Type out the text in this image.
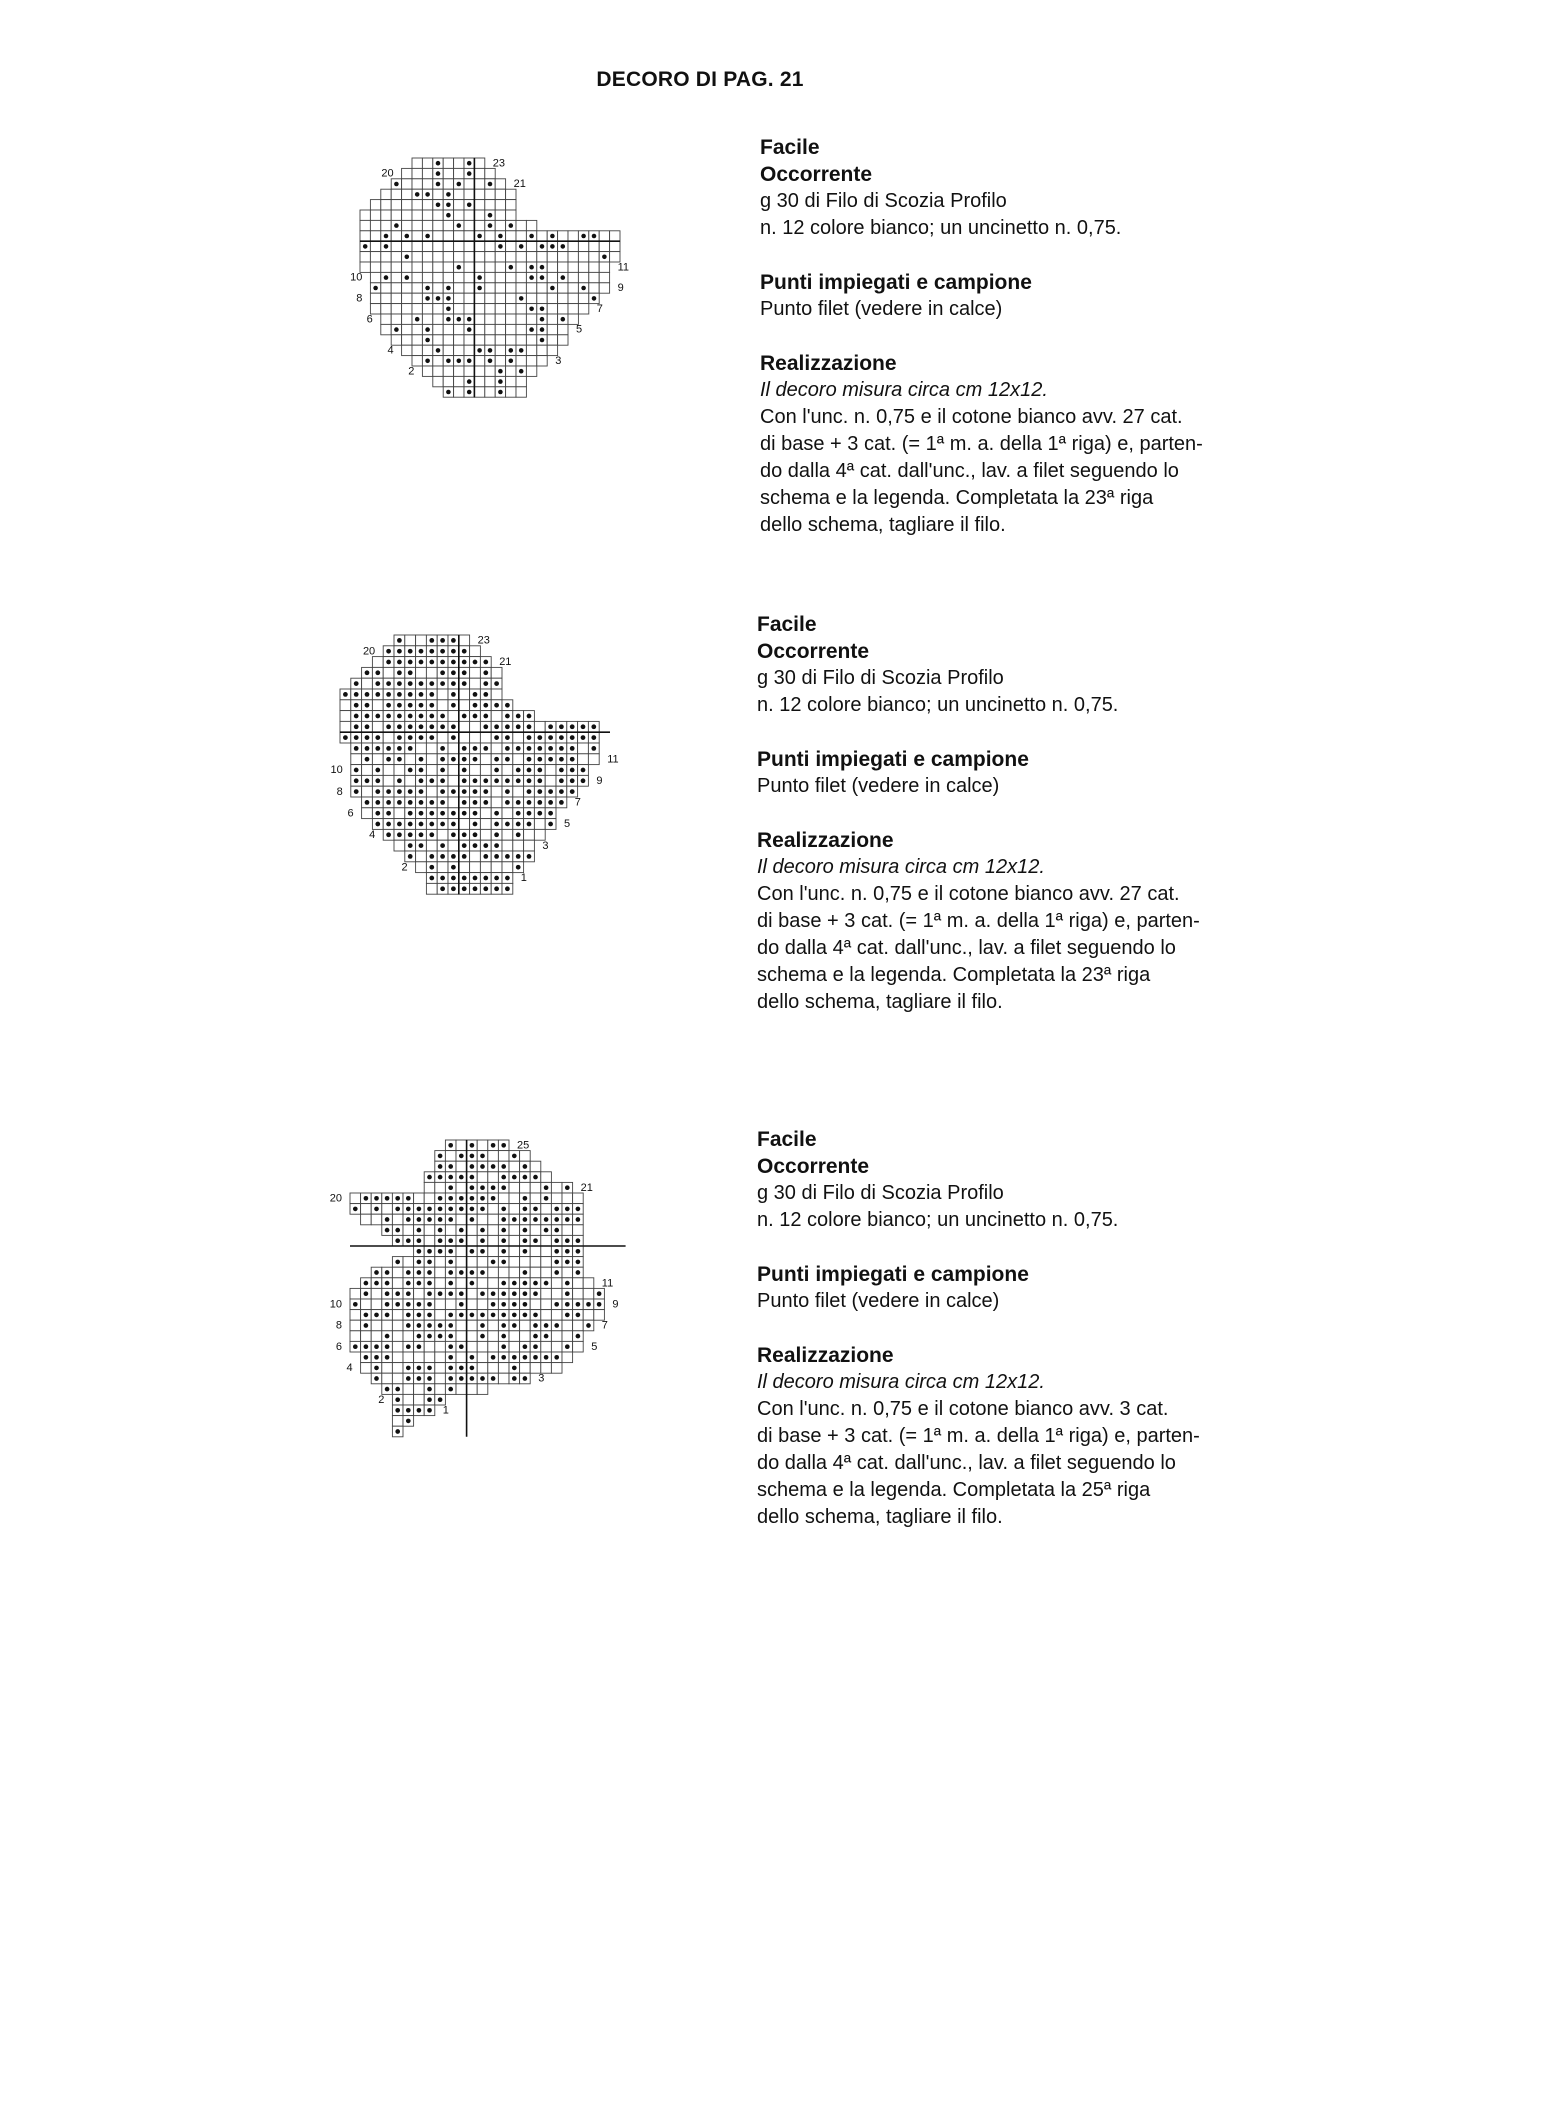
DECORO DI PAG. 21
20
10
8
6
4
2
23
21
11
9
7
5
3
Facile
Occorrente

g 30 di Filo di Scozia Profilo

n. 12 colore bianco; un uncinetto n. 0,75.

Punti impiegati e campione

Punto filet (vedere in calce)

Realizzazione

Il decoro misura circa cm 12x12.

Con l'unc. n. 0,75 e il cotone bianco avv. 27 cat.

di base + 3 cat. (= 1ª m. a. della 1ª riga) e, parten-

do dalla 4ª cat. dall'unc., lav. a filet seguendo lo

schema e la legenda. Completata la 23ª riga

dello schema, tagliare il filo.

20
10
8
6
4
2
23
21
11
9
7
5
3
1
Facile
Occorrente

g 30 di Filo di Scozia Profilo

n. 12 colore bianco; un uncinetto n. 0,75.

Punti impiegati e campione

Punto filet (vedere in calce)

Realizzazione

Il decoro misura circa cm 12x12.

Con l'unc. n. 0,75 e il cotone bianco avv. 27 cat.

di base + 3 cat. (= 1ª m. a. della 1ª riga) e, parten-

do dalla 4ª cat. dall'unc., lav. a filet seguendo lo

schema e la legenda. Completata la 23ª riga

dello schema, tagliare il filo.

20
10
8
6
4
2
25
21
11
9
7
5
3
1
Facile
Occorrente

g 30 di Filo di Scozia Profilo

n. 12 colore bianco; un uncinetto n. 0,75.

Punti impiegati e campione

Punto filet (vedere in calce)

Realizzazione

Il decoro misura circa cm 12x12.

Con l'unc. n. 0,75 e il cotone bianco avv. 3 cat.

di base + 3 cat. (= 1ª m. a. della 1ª riga) e, parten-

do dalla 4ª cat. dall'unc., lav. a filet seguendo lo

schema e la legenda. Completata la 25ª riga

dello schema, tagliare il filo.
